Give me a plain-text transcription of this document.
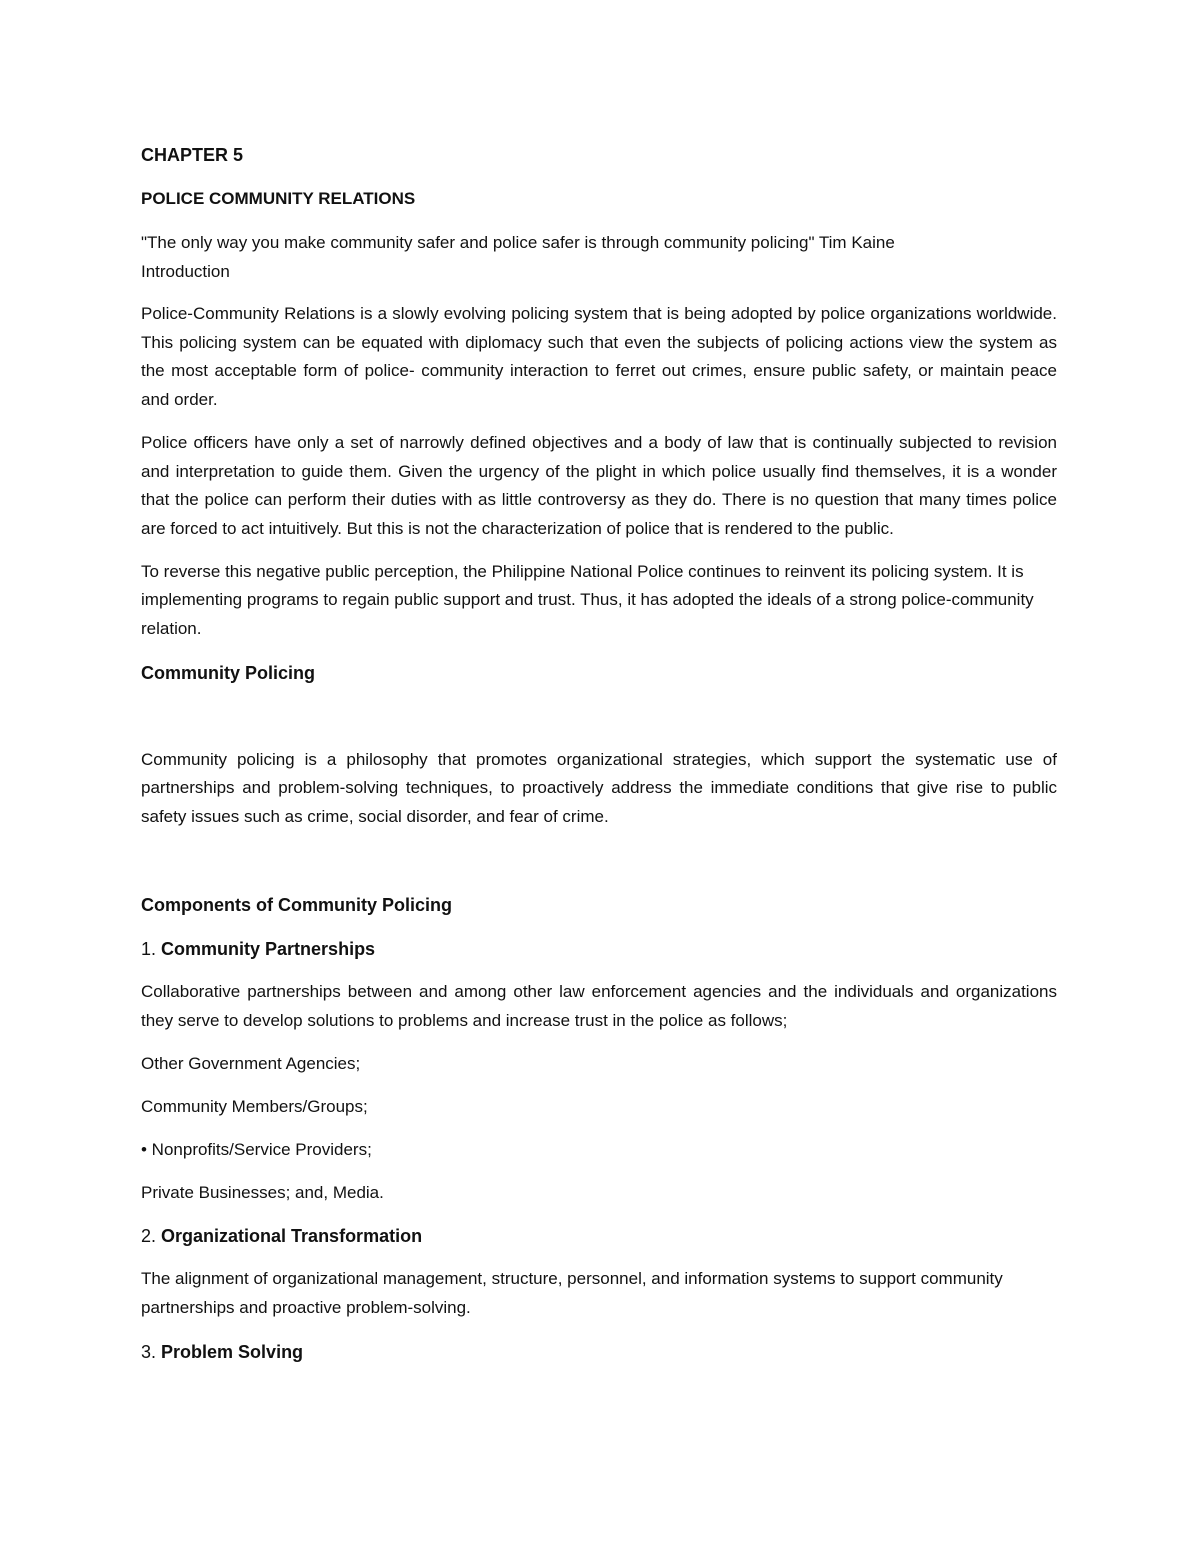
CHAPTER 5
POLICE COMMUNITY RELATIONS
"The only way you make community safer and police safer is through community policing" Tim Kaine
Introduction

Police-Community Relations is a slowly evolving policing system that is being adopted by police organizations worldwide. This policing system can be equated with diplomacy such that even the subjects of policing actions view the system as the most acceptable form of police- community interaction to ferret out crimes, ensure public safety, or maintain peace and order.

Police officers have only a set of narrowly defined objectives and a body of law that is continually subjected to revision and interpretation to guide them. Given the urgency of the plight in which police usually find themselves, it is a wonder that the police can perform their duties with as little controversy as they do. There is no question that many times police are forced to act intuitively. But this is not the characterization of police that is rendered to the public.

To reverse this negative public perception, the Philippine National Police continues to reinvent its policing system. It is implementing programs to regain public support and trust. Thus, it has adopted the ideals of a strong police-community relation.

Community Policing

Community policing is a philosophy that promotes organizational strategies, which support the systematic use of partnerships and problem-solving techniques, to proactively address the immediate conditions that give rise to public safety issues such as crime, social disorder, and fear of crime.

Components of Community Policing
1. Community Partnerships

Collaborative partnerships between and among other law enforcement agencies and the individuals and organizations they serve to develop solutions to problems and increase trust in the police as follows;

Other Government Agencies;
Community Members/Groups;
• Nonprofits/Service Providers;
Private Businesses; and, Media.
2. Organizational Transformation

The alignment of organizational management, structure, personnel, and information systems to support community partnerships and proactive problem-solving.

3. Problem Solving
